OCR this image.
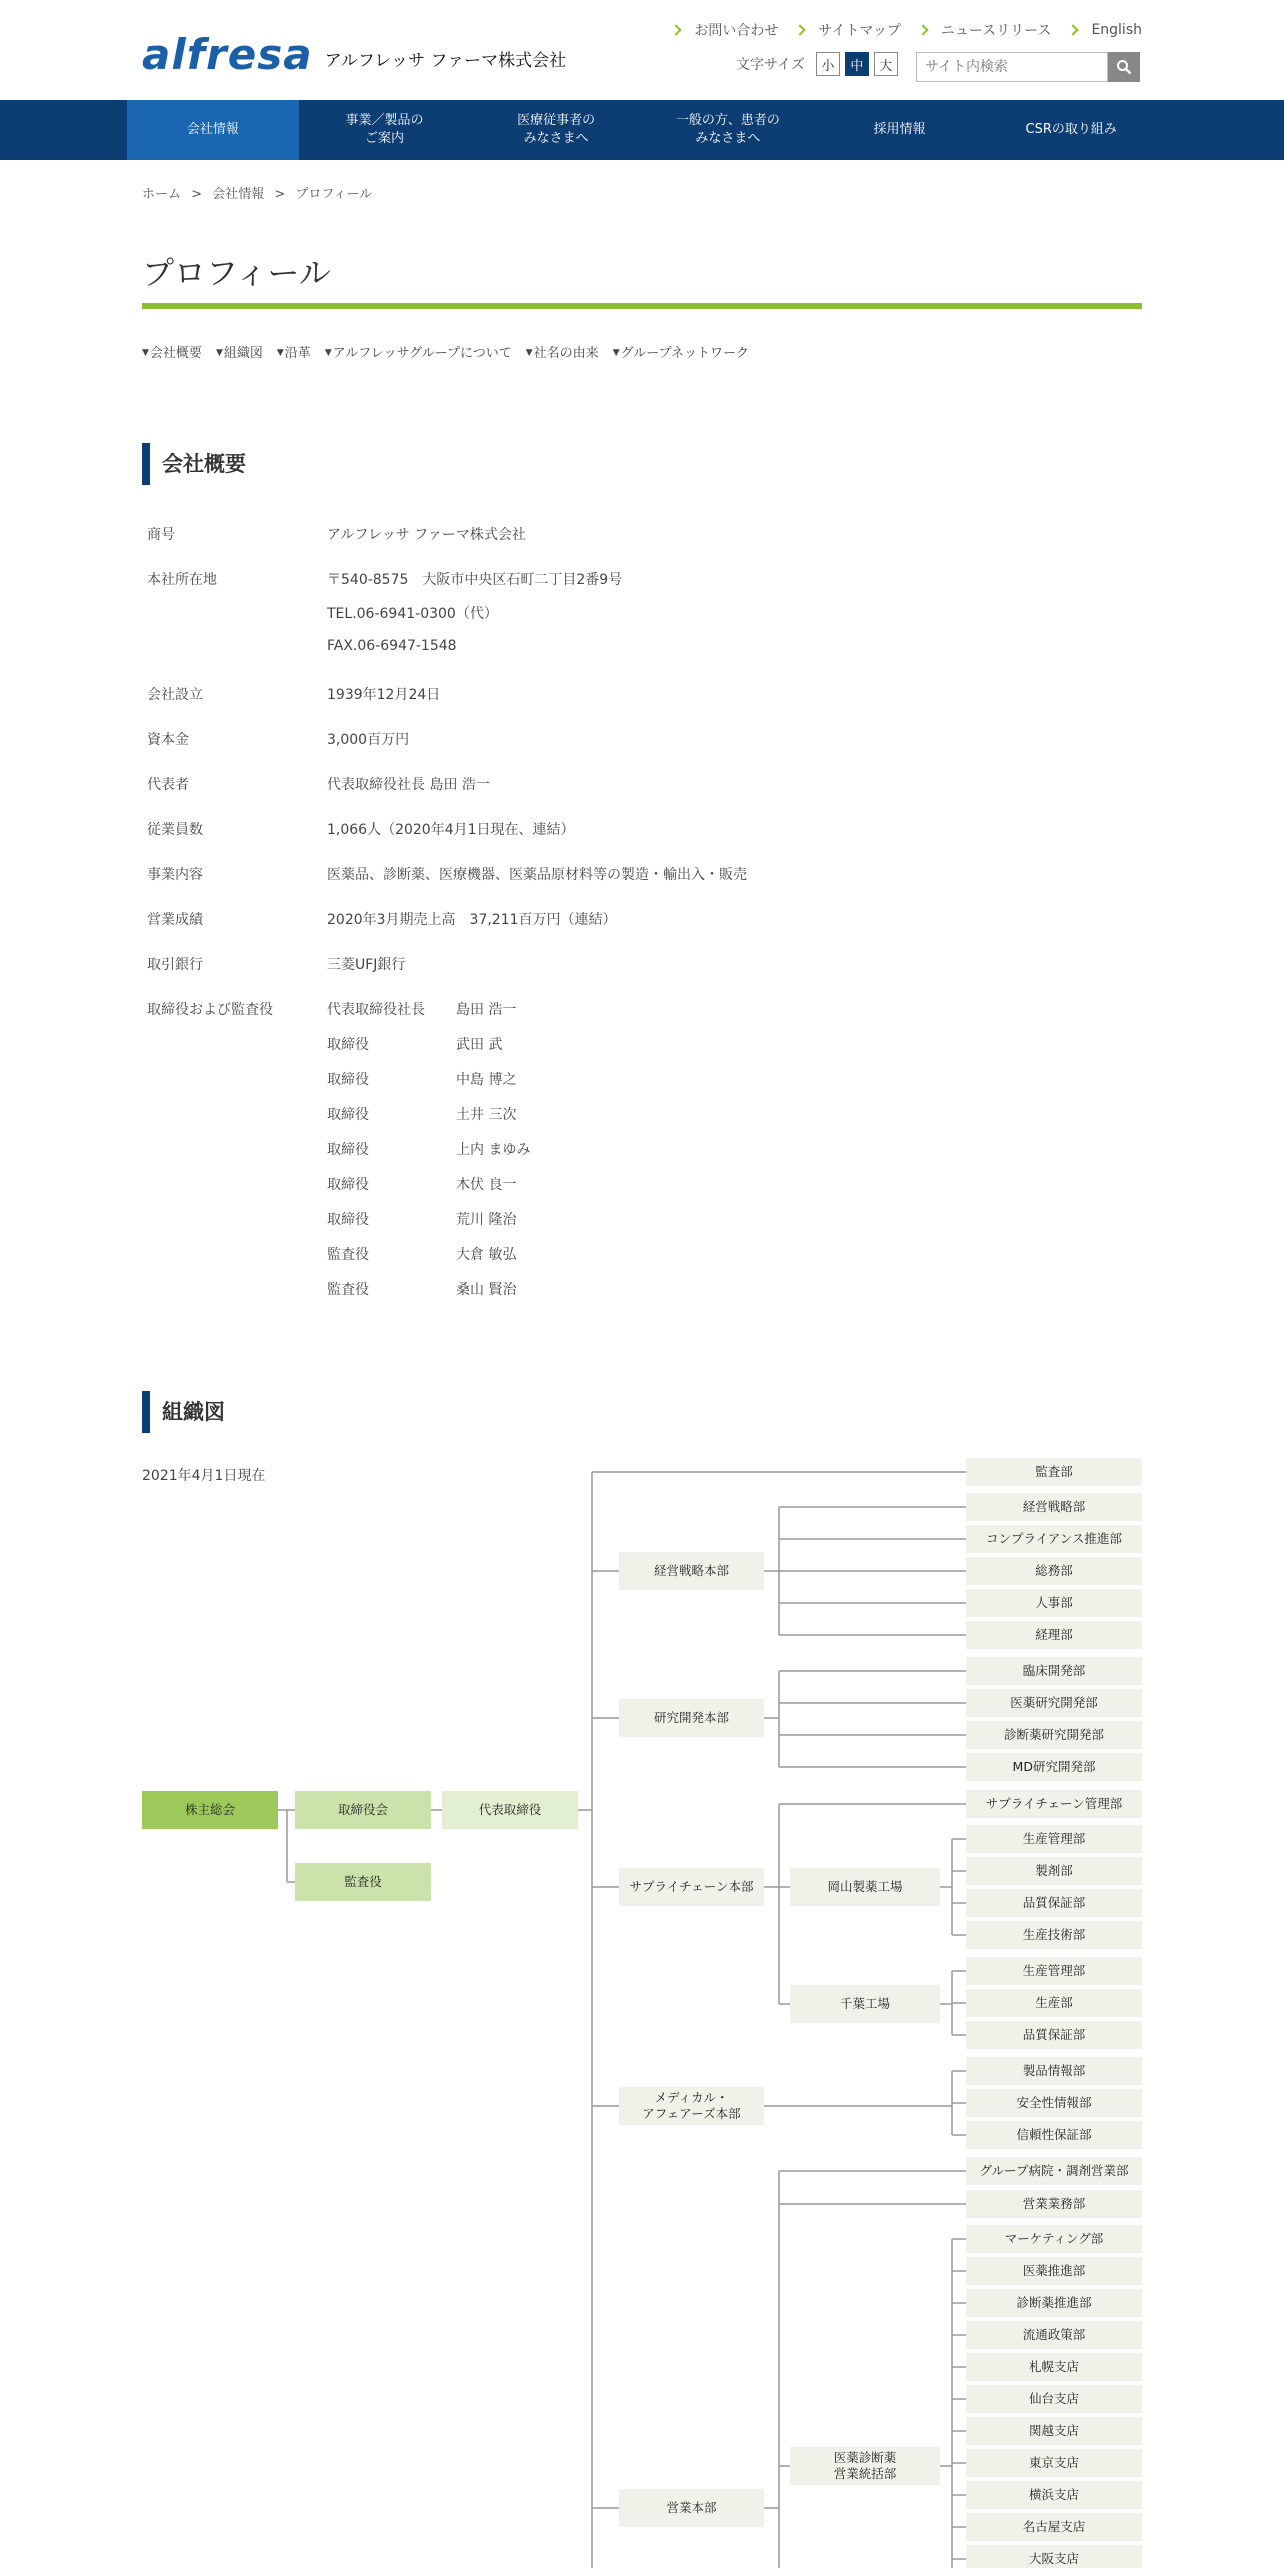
alfresa アルフレッサ ファーマ株式会社
お問い合わせ	サイトマップ	ニュースリリース	English
文字サイズ	小	中	大
サイト内検索
会社情報
事業／製品の
ご案内
医療従事者の
みなさまへ
一般の方、患者の
みなさまへ
採用情報	CSRの取り組み
ホーム > 会社情報 > プロフィール
プロフィール
▼ 会社概要	▼ 組織図	▼ 沿革	▼ アルフレッサグループについて	▼ 社名の由来	▼ グループネットワーク
会社概要
商号	アルフレッサ ファーマ株式会社
本社所在地	〒540-8575　大阪市中央区石町二丁目2番9号
TEL.06-6941-0300（代）
FAX.06-6947-1548
会社設立	1939年12月24日
資本金	3,000百万円
代表者	代表取締役社長 島田 浩一
従業員数	1,066人（2020年4月1日現在、連結）
事業内容	医薬品、診断薬、医療機器、医薬品原材料等の製造・輸出入・販売
営業成績	2020年3月期売上高　37,211百万円（連結）
取引銀行	三菱UFJ銀行
取締役および監査役	代表取締役社長 島田 浩一
取締役	武田 武
取締役	中島 博之
取締役	土井 三次
取締役	上内 まゆみ
取締役	木伏 良一
取締役	荒川 隆治
監査役	大倉 敏弘
監査役	桑山 賢治
組織図
2021年4月1日現在
株主総会	取締役会
監査役
代表取締役
監査部
経営戦略本部
経営戦略部
コンプライアンス推進部
総務部
人事部
経理部
研究開発本部
臨床開発部
医薬研究開発部
診断薬研究開発部
MD研究開発部
サプライチェーン本部
サプライチェーン管理部
岡山製薬工場
生産管理部
製剤部
品質保証部
生産技術部
千葉工場
生産管理部
生産部
品質保証部
メディカル・
アフェアーズ本部
製品情報部
安全性情報部
信頼性保証部
営業本部
グループ病院・調剤営業部
営業業務部
医薬診断薬
営業統括部
マーケティング部
医薬推進部
診断薬推進部
流通政策部
札幌支店
仙台支店
関越支店
東京支店
横浜支店
名古屋支店
大阪支店
